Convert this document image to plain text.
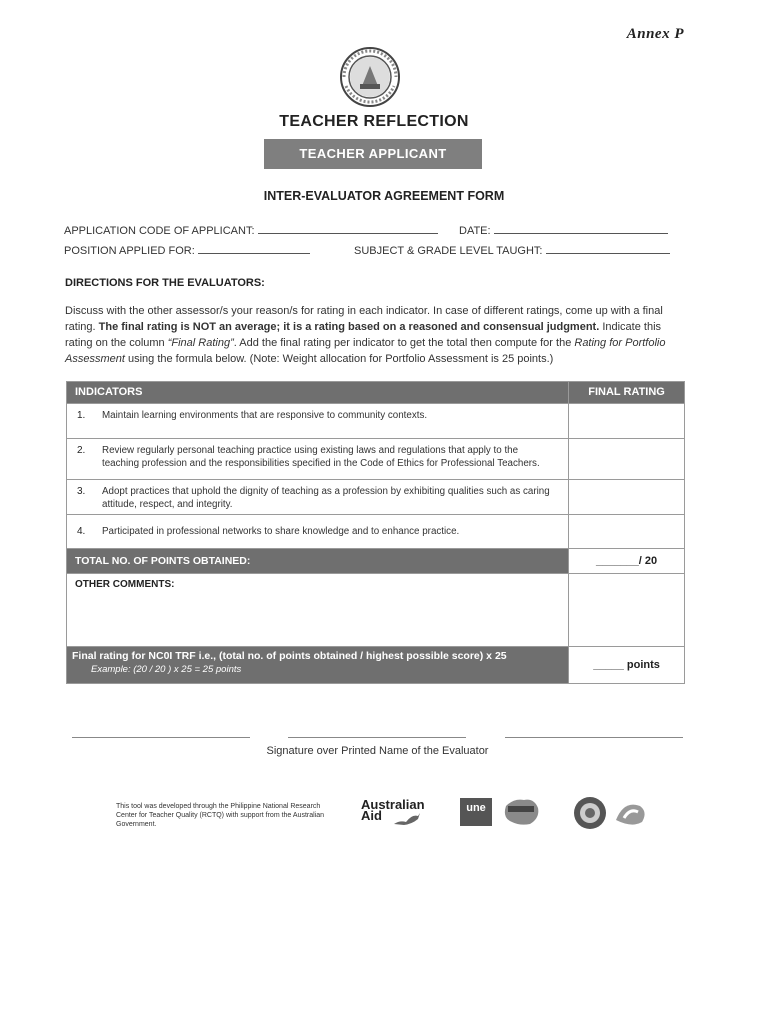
Annex P
TEACHER REFLECTION
TEACHER APPLICANT
INTER-EVALUATOR AGREEMENT FORM
APPLICATION CODE OF APPLICANT:	DATE:
POSITION APPLIED FOR:	SUBJECT & GRADE LEVEL TAUGHT:
DIRECTIONS FOR THE EVALUATORS:
Discuss with the other assessor/s your reason/s for rating in each indicator. In case of different ratings, come up with a final rating. The final rating is NOT an average; it is a rating based on a reasoned and consensual judgment. Indicate this rating on the column “Final Rating”. Add the final rating per indicator to get the total then compute for the Rating for Portfolio Assessment using the formula below. (Note: Weight allocation for Portfolio Assessment is 25 points.)
INDICATORS	FINAL RATING

1. Maintain learning environments that are responsive to community contexts.	

2. Review regularly personal teaching practice using existing laws and regulations that apply to the teaching profession and the responsibilities specified in the Code of Ethics for Professional Teachers.	

3. Adopt practices that uphold the dignity of teaching as a profession by exhibiting qualities such as caring attitude, respect, and integrity.	

4. Participated in professional networks to share knowledge and to enhance practice.	

TOTAL NO. OF POINTS OBTAINED:	_______/ 20

OTHER COMMENTS:	

Final rating for NC0I TRF i.e., (total no. of points obtained / highest possible score) x 25
Example: (20 / 20 ) x 25 = 25 points	_____ points
Signature over Printed Name of the Evaluator
This tool was developed through the Philippine National Research Center for Teacher Quality (RCTQ) with support from the Australian Government.
Australian
Aid	une
